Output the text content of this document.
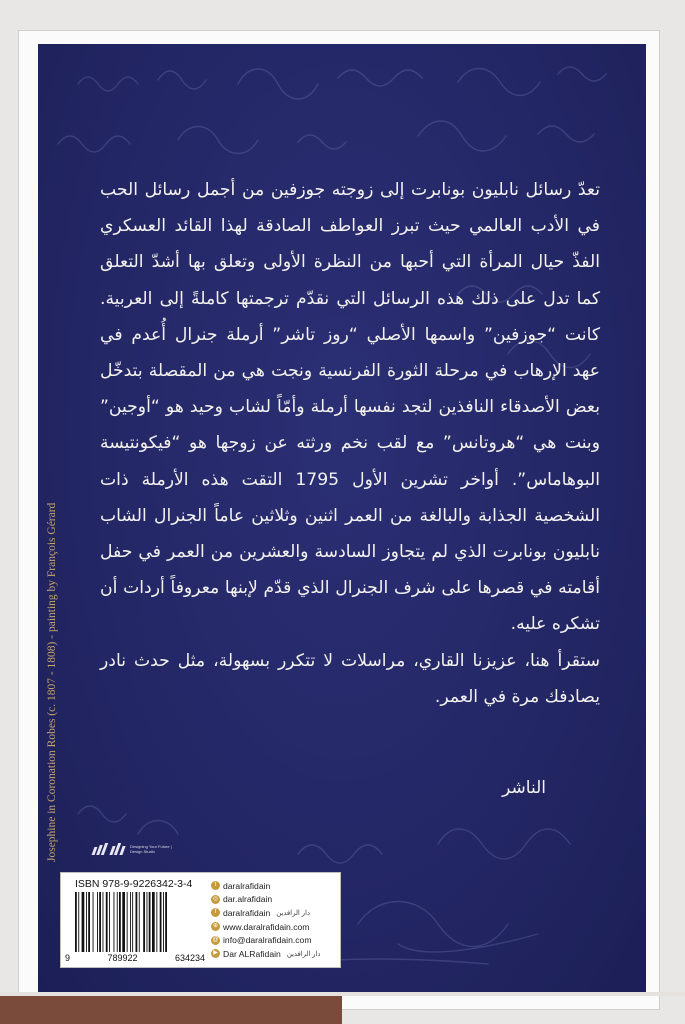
تعدّ رسائل نابليون بونابرت إلى زوجته جوزفين من أجمل رسائل الحب في الأدب العالمي حيث تبرز العواطف الصادقة لهذا القائد العسكري الفذّ حيال المرأة التي أحبها من النظرة الأولى وتعلق بها أشدّ التعلق كما تدل على ذلك هذه الرسائل التي نقدّم ترجمتها كاملةً إلى العربية. كانت “جوزفين” واسمها الأصلي “روز تاشر” أرملة جنرال أُعدم في عهد الإرهاب في مرحلة الثورة الفرنسية ونجت هي من المقصلة بتدخّل بعض الأصدقاء النافذين لتجد نفسها أرملة وأمّاً لشاب وحيد هو “أوجين” وبنت هي “هروتانس” مع لقب نخم ورثته عن زوجها هو “فيكونتيسة البوهاماس”. أواخر تشرين الأول 1795 التقت هذه الأرملة ذات الشخصية الجذابة والبالغة من العمر اثنين وثلاثين عاماً الجنرال الشاب نابليون بونابرت الذي لم يتجاوز السادسة والعشرين من العمر في حفل أقامته في قصرها على شرف الجنرال الذي قدّم لإبنها معروفاً أردات أن تشكره عليه.

ستقرأ هنا، عزيزنا القاري، مراسلات لا تتكرر بسهولة، مثل حدث نادر يصادفك مرة في العمر.

الناشر
Josephine in Coronation Robes (c. 1807 - 1808) - painting by François Gérard	Designing Your Future | Design Studio
ISBN 978-9-9226342-3-4
9	789922	634234
t daralrafidain
◎ dar.alrafidain
f daralrafidain دار الرافدين
⊕ www.daralrafidain.com
@ info@daralrafidain.com
▶ Dar ALRafidain دار الرافدين
